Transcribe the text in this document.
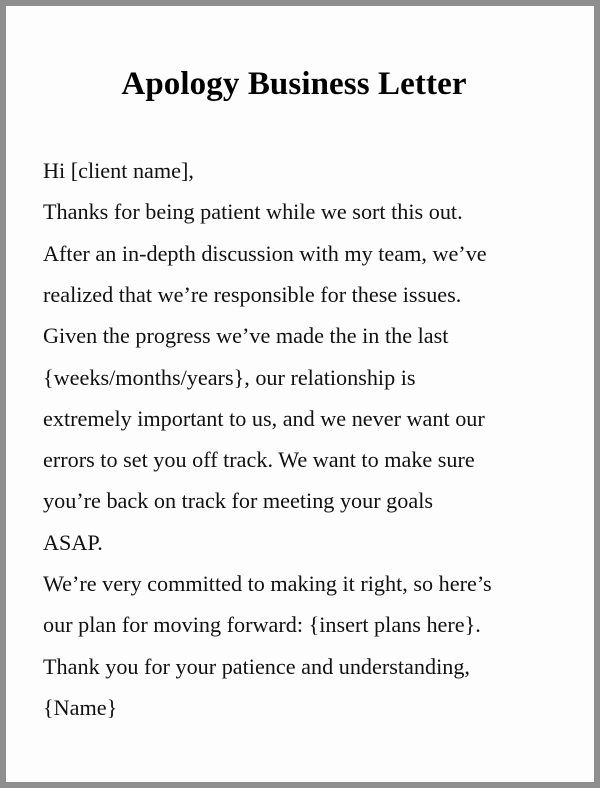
Apology Business Letter
Hi [client name],
Thanks for being patient while we sort this out.
After an in-depth discussion with my team, we’ve
realized that we’re responsible for these issues.
Given the progress we’ve made the in the last
{weeks/months/years}, our relationship is
extremely important to us, and we never want our
errors to set you off track. We want to make sure
you’re back on track for meeting your goals
ASAP.
We’re very committed to making it right, so here’s
our plan for moving forward: {insert plans here}.
Thank you for your patience and understanding,
{Name}
